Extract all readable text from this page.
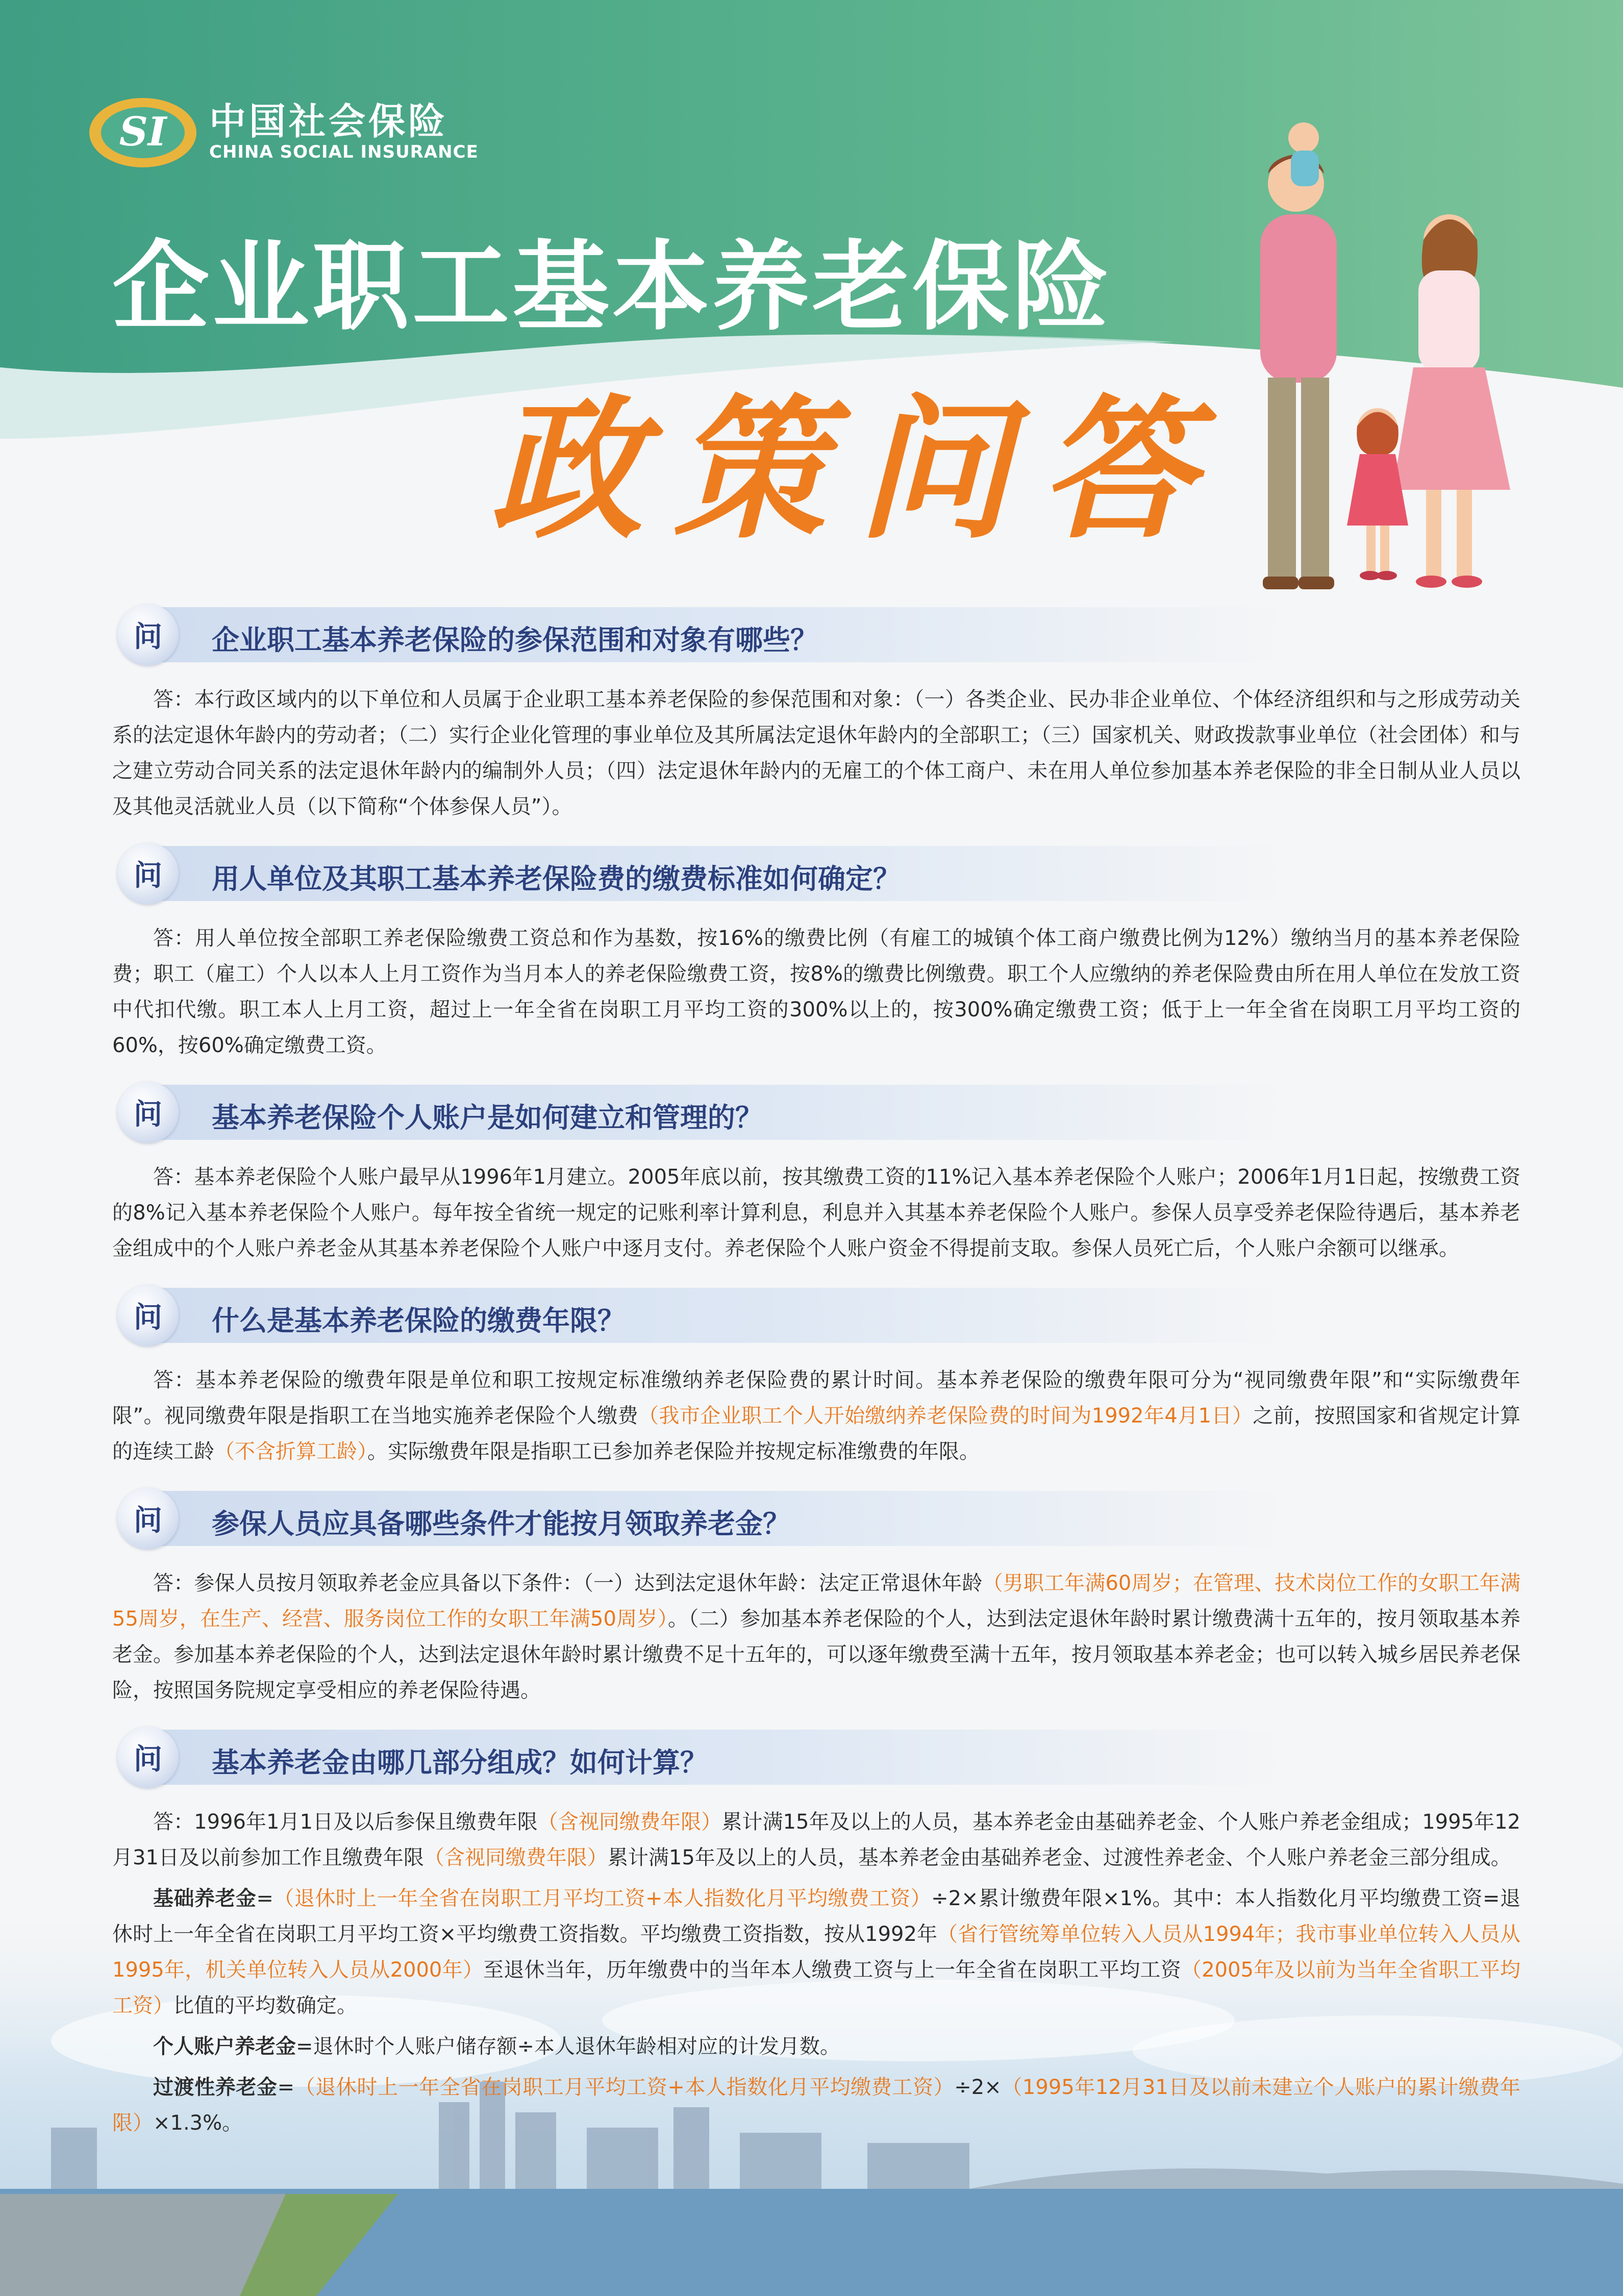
SI 中国社会保险
CHINA SOCIAL INSURANCE
企业职工基本养老保险
政策问答
问	企业职工基本养老保险的参保范围和对象有哪些？
答：本行政区域内的以下单位和人员属于企业职工基本养老保险的参保范围和对象：（一）各类企业、民办非企业单位、个体经济组织和与之形成劳动关系的法定退休年龄内的劳动者；（二）实行企业化管理的事业单位及其所属法定退休年龄内的全部职工；（三）国家机关、财政拨款事业单位（社会团体）和与之建立劳动合同关系的法定退休年龄内的编制外人员；（四）法定退休年龄内的无雇工的个体工商户、未在用人单位参加基本养老保险的非全日制从业人员以及其他灵活就业人员（以下简称“个体参保人员”）。
问	用人单位及其职工基本养老保险费的缴费标准如何确定？
答：用人单位按全部职工养老保险缴费工资总和作为基数，按16%的缴费比例（有雇工的城镇个体工商户缴费比例为12%）缴纳当月的基本养老保险费；职工（雇工）个人以本人上月工资作为当月本人的养老保险缴费工资，按8%的缴费比例缴费。职工个人应缴纳的养老保险费由所在用人单位在发放工资中代扣代缴。职工本人上月工资，超过上一年全省在岗职工月平均工资的300%以上的，按300%确定缴费工资；低于上一年全省在岗职工月平均工资的60%，按60%确定缴费工资。
问	基本养老保险个人账户是如何建立和管理的？
答：基本养老保险个人账户最早从1996年1月建立。2005年底以前，按其缴费工资的11%记入基本养老保险个人账户；2006年1月1日起，按缴费工资的8%记入基本养老保险个人账户。每年按全省统一规定的记账利率计算利息，利息并入其基本养老保险个人账户。参保人员享受养老保险待遇后，基本养老金组成中的个人账户养老金从其基本养老保险个人账户中逐月支付。养老保险个人账户资金不得提前支取。参保人员死亡后，个人账户余额可以继承。
问	什么是基本养老保险的缴费年限？
答：基本养老保险的缴费年限是单位和职工按规定标准缴纳养老保险费的累计时间。基本养老保险的缴费年限可分为“视同缴费年限”和“实际缴费年限”。视同缴费年限是指职工在当地实施养老保险个人缴费（我市企业职工个人开始缴纳养老保险费的时间为1992年4月1日）之前，按照国家和省规定计算的连续工龄（不含折算工龄）。实际缴费年限是指职工已参加养老保险并按规定标准缴费的年限。
问	参保人员应具备哪些条件才能按月领取养老金？
答：参保人员按月领取养老金应具备以下条件：（一）达到法定退休年龄：法定正常退休年龄（男职工年满60周岁；在管理、技术岗位工作的女职工年满55周岁，在生产、经营、服务岗位工作的女职工年满50周岁）。（二）参加基本养老保险的个人，达到法定退休年龄时累计缴费满十五年的，按月领取基本养老金。参加基本养老保险的个人，达到法定退休年龄时累计缴费不足十五年的，可以逐年缴费至满十五年，按月领取基本养老金；也可以转入城乡居民养老保险，按照国务院规定享受相应的养老保险待遇。
问	基本养老金由哪几部分组成？如何计算？
答：1996年1月1日及以后参保且缴费年限（含视同缴费年限）累计满15年及以上的人员，基本养老金由基础养老金、个人账户养老金组成；1995年12月31日及以前参加工作且缴费年限（含视同缴费年限）累计满15年及以上的人员，基本养老金由基础养老金、过渡性养老金、个人账户养老金三部分组成。
基础养老金=（退休时上一年全省在岗职工月平均工资+本人指数化月平均缴费工资）÷2×累计缴费年限×1%。其中：本人指数化月平均缴费工资=退休时上一年全省在岗职工月平均工资×平均缴费工资指数。平均缴费工资指数，按从1992年（省行管统筹单位转入人员从1994年；我市事业单位转入人员从1995年，机关单位转入人员从2000年）至退休当年，历年缴费中的当年本人缴费工资与上一年全省在岗职工平均工资（2005年及以前为当年全省职工平均工资）比值的平均数确定。
个人账户养老金=退休时个人账户储存额÷本人退休年龄相对应的计发月数。
过渡性养老金=（退休时上一年全省在岗职工月平均工资+本人指数化月平均缴费工资）÷2×（1995年12月31日及以前未建立个人账户的累计缴费年限）×1.3%。
